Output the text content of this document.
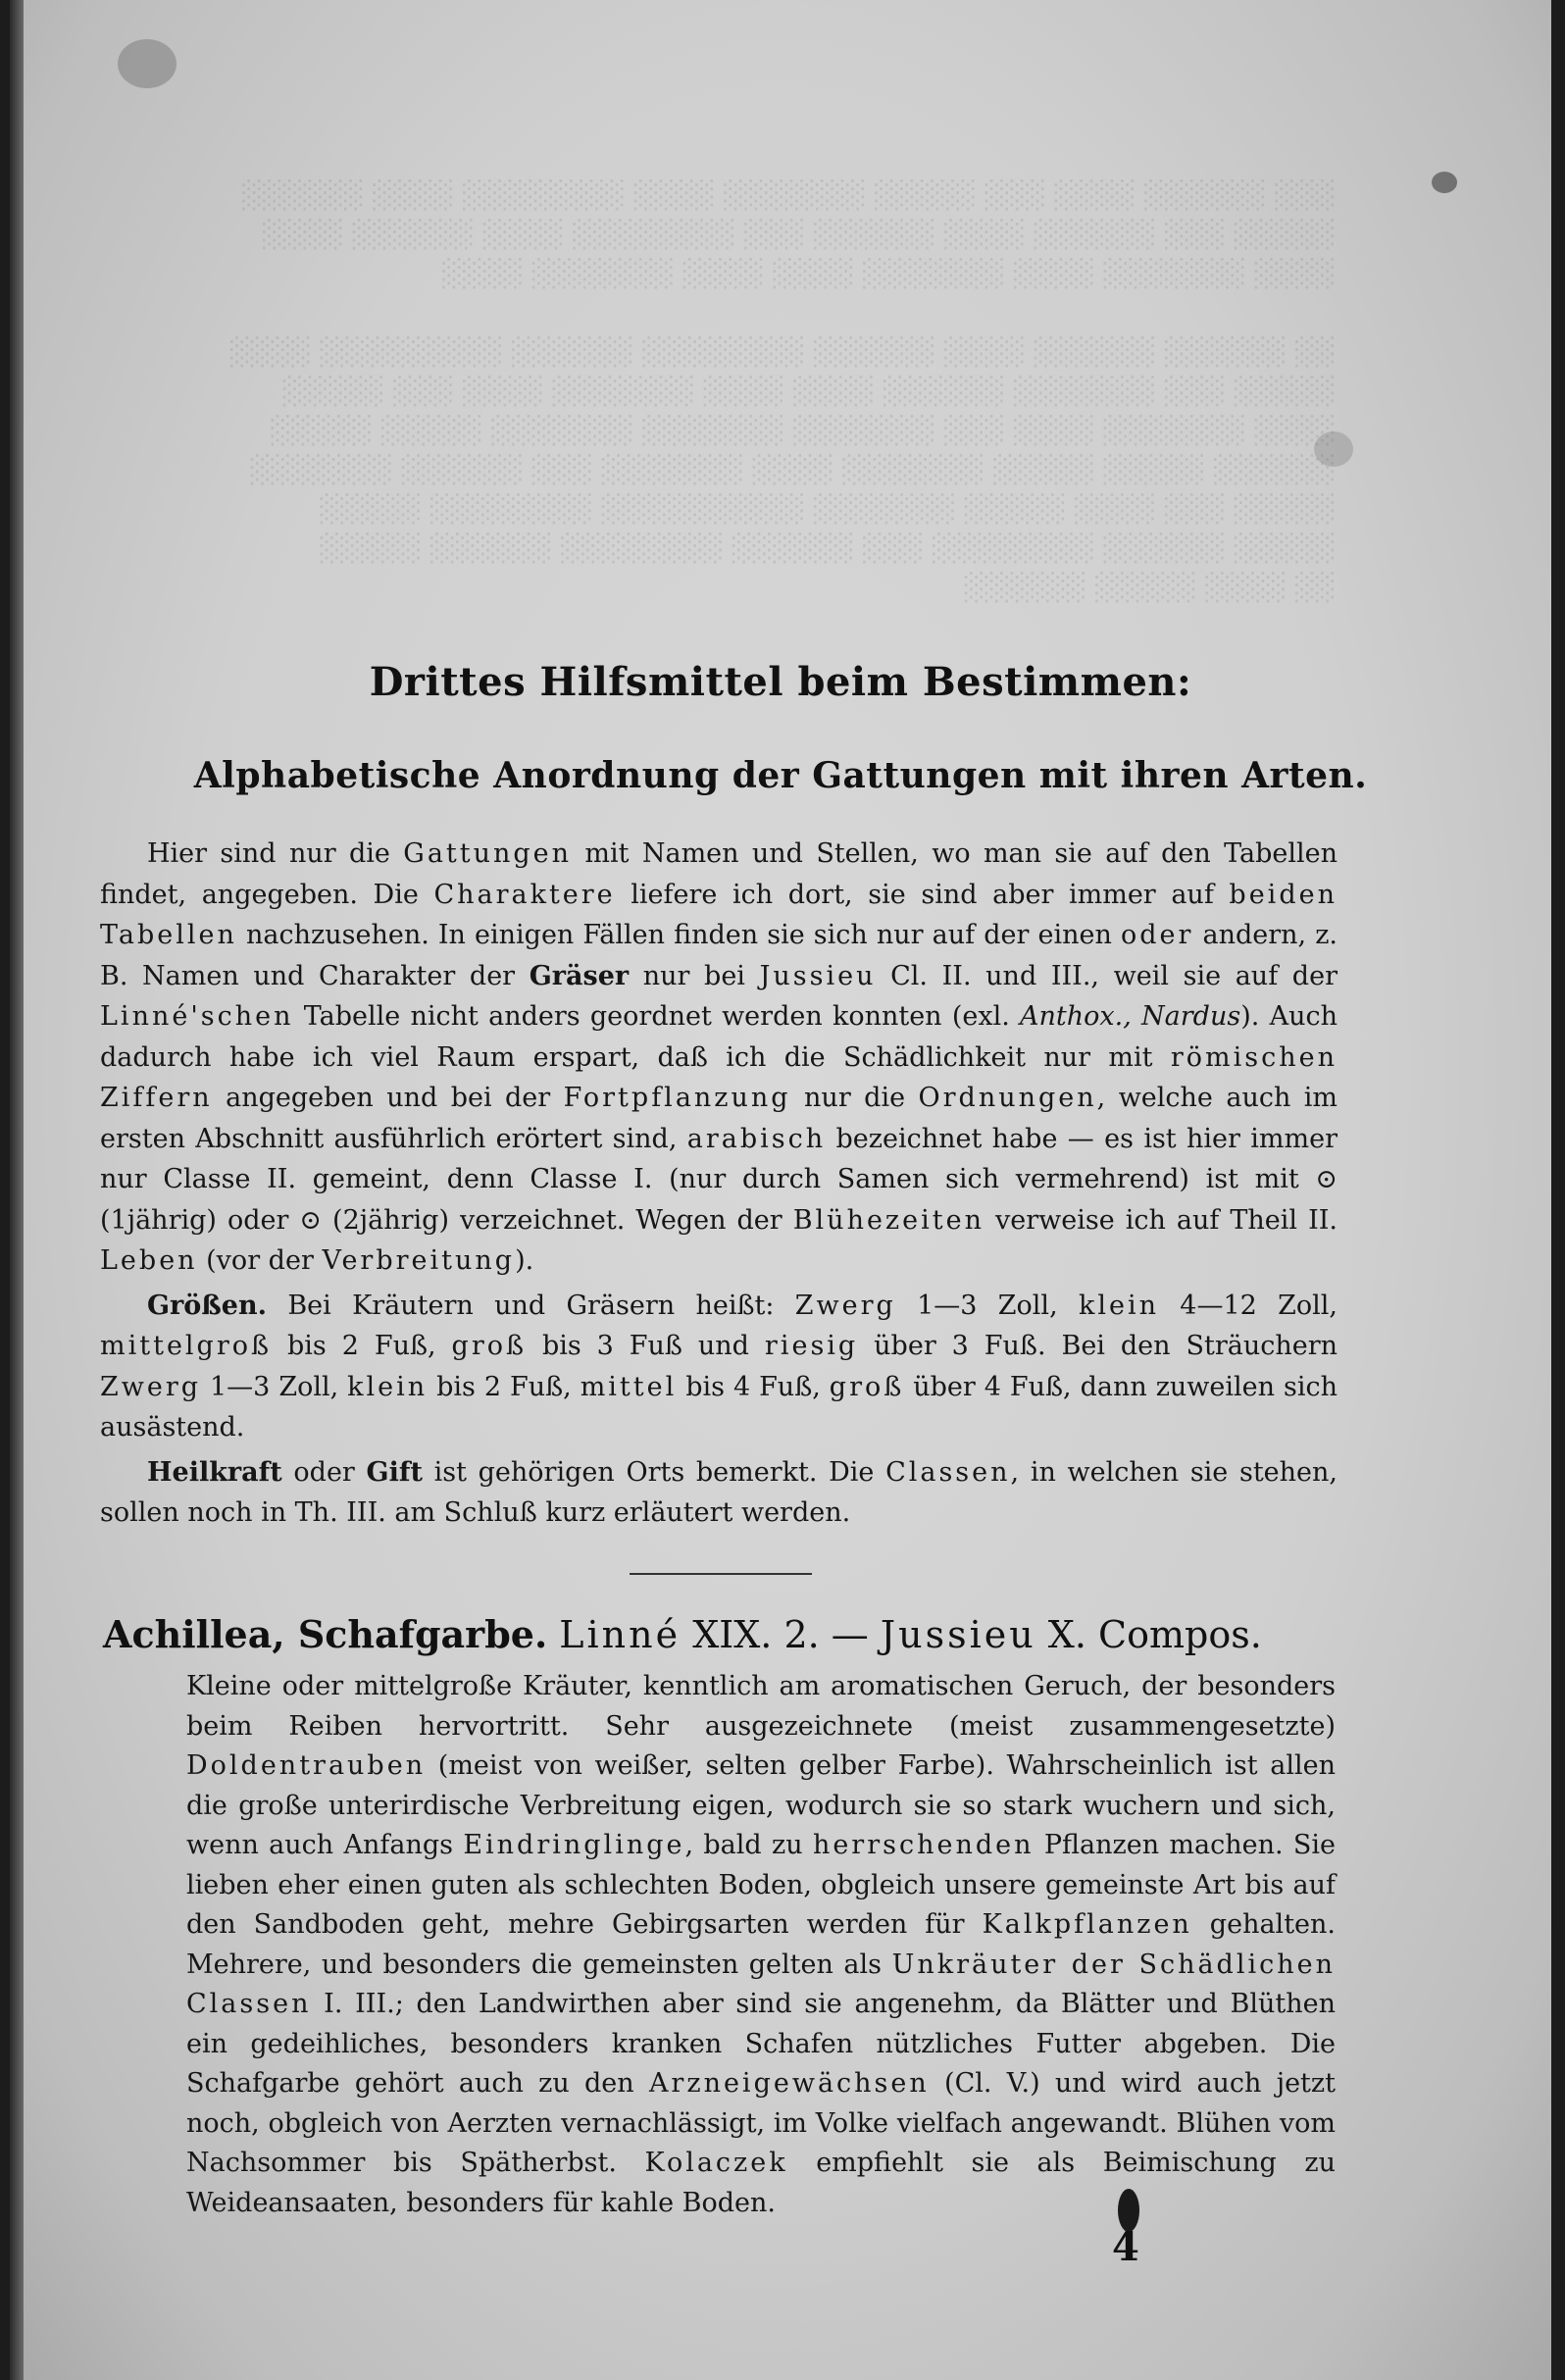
░░░ ░░░░░░ ░░░░ ░░░ ░░░░░ ░░░░░░░ ░░░░ ░░░░░░░░ ░░░░ ░░░░░░
░░░░░ ░░░ ░░░░░░ ░░░░ ░░░░░░ ░░░ ░░░░░░░░ ░░░░ ░░░░░░ ░░░░
░░░░ ░░░░░░░ ░░░░ ░░░░░░░ ░░░░ ░░░░ ░░░░░░░ ░░░░

░░ ░░░░░░ ░░░░░░ ░░░░ ░░░░░░ ░░░░░░░░ ░░░░░░ ░░░░░░░░░ ░░░░
░░░░░ ░░░ ░░░░░░░ ░░░░░░ ░░░░ ░░░░ ░░░░░░░ ░░░░ ░░░ ░░░░░
░░░░ ░░░░░░░ ░░░░ ░░░ ░░░░░░░ ░░░░░░░ ░░░░░░░ ░░░░░ ░░░░░
░░░░░░ ░░░░░ ░░░░░ ░░░░░░░ ░░░░ ░░░░░░░ ░░░ ░░░░░░ ░░░░░░░
░░░░░ ░░░ ░░░░ ░░░░░ ░░░░░░░ ░░░░░░░░░░ ░░░░░░░░ ░░░░░
░░░░░ ░░░░░░ ░░░░░░░░ ░░░ ░░░░░░ ░░░░░░░░ ░░░░░░ ░░░░░
░░ ░░░░ ░░░░░ ░░░░░░

Drittes Hilfsmittel beim Bestimmen:
Alphabetische Anordnung der Gattungen mit ihren Arten.

Hier sind nur die Gattungen mit Namen und Stellen, wo man sie auf den Tabellen findet, angegeben. Die Charaktere liefere ich dort, sie sind aber immer auf beiden Tabellen nachzusehen. In einigen Fällen finden sie sich nur auf der einen oder andern, z. B. Namen und Charakter der Gräser nur bei Jussieu Cl. II. und III., weil sie auf der Linné'schen Tabelle nicht anders geordnet werden konnten (exl. Anthox., Nardus). Auch dadurch habe ich viel Raum erspart, daß ich die Schädlichkeit nur mit römischen Ziffern angegeben und bei der Fortpflanzung nur die Ordnungen, welche auch im ersten Abschnitt ausführlich erörtert sind, arabisch bezeichnet habe — es ist hier immer nur Classe II. gemeint, denn Classe I. (nur durch Samen sich vermehrend) ist mit ⊙ (1jährig) oder ⊙ (2jährig) verzeichnet. Wegen der Blühezeiten verweise ich auf Theil II. Leben (vor der Verbreitung).

Größen. Bei Kräutern und Gräsern heißt: Zwerg 1—3 Zoll, klein 4—12 Zoll, mittelgroß bis 2 Fuß, groß bis 3 Fuß und riesig über 3 Fuß. Bei den Sträuchern Zwerg 1—3 Zoll, klein bis 2 Fuß, mittel bis 4 Fuß, groß über 4 Fuß, dann zuweilen sich ausästend.

Heilkraft oder Gift ist gehörigen Orts bemerkt. Die Classen, in welchen sie stehen, sollen noch in Th. III. am Schluß kurz erläutert werden.

Achillea, Schafgarbe. Linné XIX. 2. — Jussieu X. Compos.

Kleine oder mittelgroße Kräuter, kenntlich am aromatischen Geruch, der besonders beim Reiben hervortritt. Sehr ausgezeichnete (meist zusammengesetzte) Doldentrauben (meist von weißer, selten gelber Farbe). Wahrscheinlich ist allen die große unterirdische Verbreitung eigen, wodurch sie so stark wuchern und sich, wenn auch Anfangs Eindringlinge, bald zu herrschenden Pflanzen machen. Sie lieben eher einen guten als schlechten Boden, obgleich unsere gemeinste Art bis auf den Sandboden geht, mehre Gebirgsarten werden für Kalkpflanzen gehalten. Mehrere, und besonders die gemeinsten gelten als Unkräuter der Schädlichen Classen I. III.; den Landwirthen aber sind sie angenehm, da Blätter und Blüthen ein gedeihliches, besonders kranken Schafen nützliches Futter abgeben. Die Schafgarbe gehört auch zu den Arzneigewächsen (Cl. V.) und wird auch jetzt noch, obgleich von Aerzten vernachlässigt, im Volke vielfach angewandt. Blühen vom Nachsommer bis Spätherbst. Kolaczek empfiehlt sie als Beimischung zu Weideansaaten, besonders für kahle Boden.

4
